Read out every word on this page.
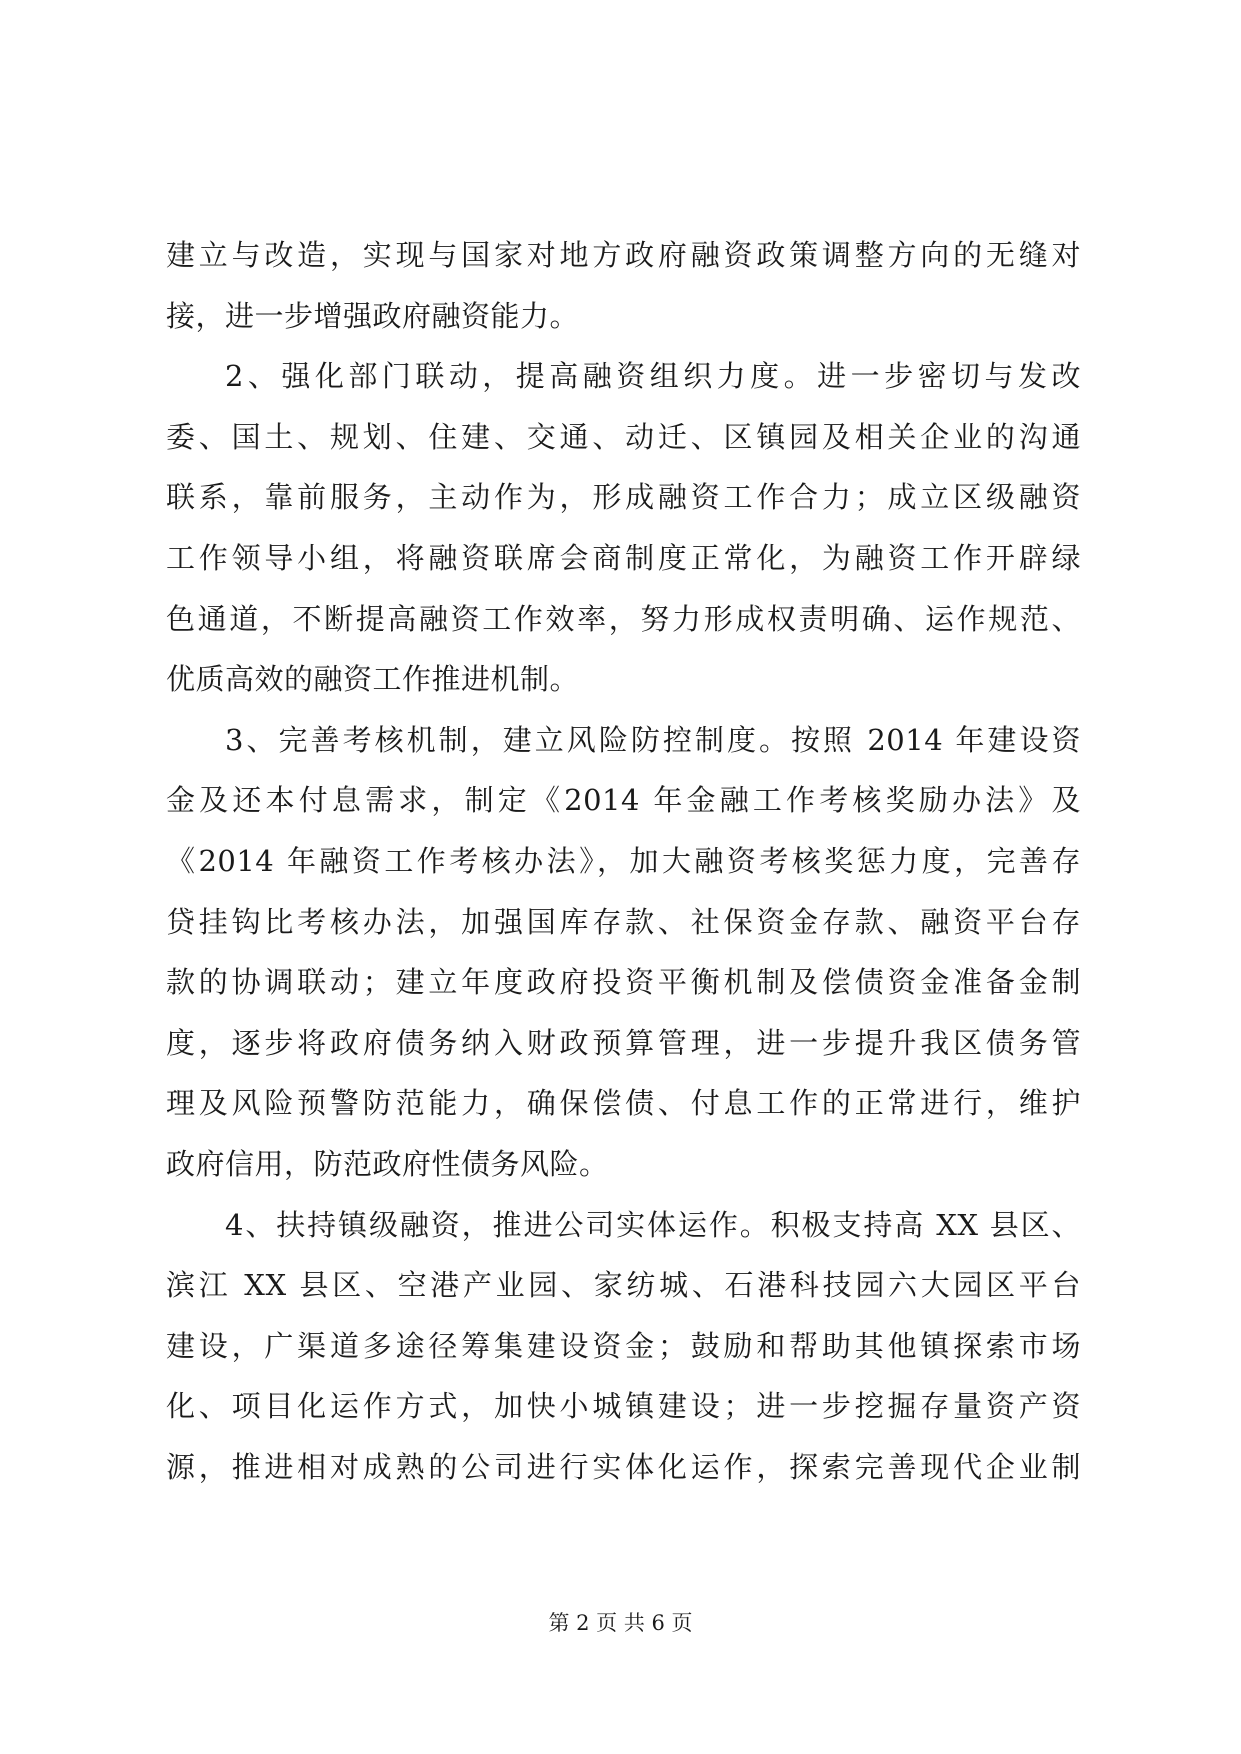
建立与改造，实现与国家对地方政府融资政策调整方向的无缝对
接，进一步增强政府融资能力。
2、强化部门联动，提高融资组织力度。进一步密切与发改
委、国土、规划、住建、交通、动迁、区镇园及相关企业的沟通
联系，靠前服务，主动作为，形成融资工作合力；成立区级融资
工作领导小组，将融资联席会商制度正常化，为融资工作开辟绿
色通道，不断提高融资工作效率，努力形成权责明确、运作规范、
优质高效的融资工作推进机制。
3、完善考核机制，建立风险防控制度。按照 2014 年建设资
金及还本付息需求，制定《2014 年金融工作考核奖励办法》及
《2014 年融资工作考核办法》，加大融资考核奖惩力度，完善存
贷挂钩比考核办法，加强国库存款、社保资金存款、融资平台存
款的协调联动；建立年度政府投资平衡机制及偿债资金准备金制
度，逐步将政府债务纳入财政预算管理，进一步提升我区债务管
理及风险预警防范能力，确保偿债、付息工作的正常进行，维护
政府信用，防范政府性债务风险。
4、扶持镇级融资，推进公司实体运作。积极支持高 XX 县区、
滨江 XX 县区、空港产业园、家纺城、石港科技园六大园区平台
建设，广渠道多途径筹集建设资金；鼓励和帮助其他镇探索市场
化、项目化运作方式，加快小城镇建设；进一步挖掘存量资产资
源，推进相对成熟的公司进行实体化运作，探索完善现代企业制
第 2 页 共 6 页
